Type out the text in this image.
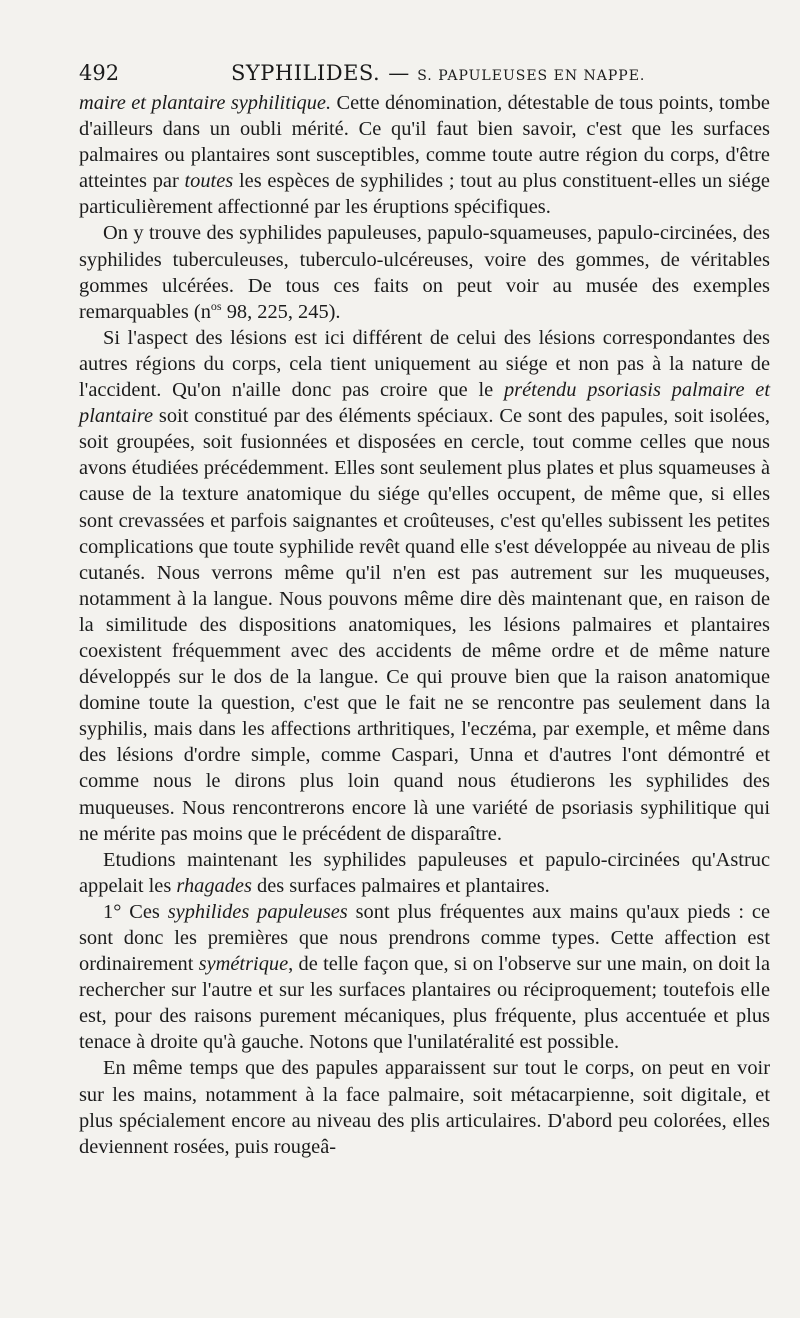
492	SYPHILIDES. — S. PAPULEUSES EN NAPPE.

maire et plantaire syphilitique. Cette dénomination, détestable de tous points, tombe d'ailleurs dans un oubli mérité. Ce qu'il faut bien savoir, c'est que les surfaces palmaires ou plantaires sont susceptibles, comme toute autre région du corps, d'être atteintes par toutes les espèces de syphilides ; tout au plus constituent-elles un siége particulièrement affectionné par les éruptions spécifiques.

On y trouve des syphilides papuleuses, papulo-squameuses, papulo-circinées, des syphilides tuberculeuses, tuberculo-ulcéreuses, voire des gommes, de véritables gommes ulcérées. De tous ces faits on peut voir au musée des exemples remarquables ($n^{os}$ 98, 225, 245).

Si l'aspect des lésions est ici différent de celui des lésions correspondantes des autres régions du corps, cela tient uniquement au siége et non pas à la nature de l'accident. Qu'on n'aille donc pas croire que le prétendu psoriasis palmaire et plantaire soit constitué par des éléments spéciaux. Ce sont des papules, soit isolées, soit groupées, soit fusionnées et disposées en cercle, tout comme celles que nous avons étudiées précédemment. Elles sont seulement plus plates et plus squameuses à cause de la texture anatomique du siége qu'elles occupent, de même que, si elles sont crevassées et parfois saignantes et croûteuses, c'est qu'elles subissent les petites complications que toute syphilide revêt quand elle s'est développée au niveau de plis cutanés. Nous verrons même qu'il n'en est pas autrement sur les muqueuses, notamment à la langue. Nous pouvons même dire dès maintenant que, en raison de la similitude des dispositions anatomiques, les lésions palmaires et plantaires coexistent fréquemment avec des accidents de même ordre et de même nature développés sur le dos de la langue. Ce qui prouve bien que la raison anatomique domine toute la question, c'est que le fait ne se rencontre pas seulement dans la syphilis, mais dans les affections arthritiques, l'eczéma, par exemple, et même dans des lésions d'ordre simple, comme Caspari, Unna et d'autres l'ont démontré et comme nous le dirons plus loin quand nous étudierons les syphilides des muqueuses. Nous rencontrerons encore là une variété de psoriasis syphilitique qui ne mérite pas moins que le précédent de disparaître.

Etudions maintenant les syphilides papuleuses et papulo-circinées qu'Astruc appelait les rhagades des surfaces palmaires et plantaires.

1° Ces syphilides papuleuses sont plus fréquentes aux mains qu'aux pieds : ce sont donc les premières que nous prendrons comme types. Cette affection est ordinairement symétrique, de telle façon que, si on l'observe sur une main, on doit la rechercher sur l'autre et sur les surfaces plantaires ou réciproquement; toutefois elle est, pour des raisons purement mécaniques, plus fréquente, plus accentuée et plus tenace à droite qu'à gauche. Notons que l'unilatéralité est possible.

En même temps que des papules apparaissent sur tout le corps, on peut en voir sur les mains, notamment à la face palmaire, soit métacarpienne, soit digitale, et plus spécialement encore au niveau des plis articulaires. D'abord peu colorées, elles deviennent rosées, puis rougeâ-
